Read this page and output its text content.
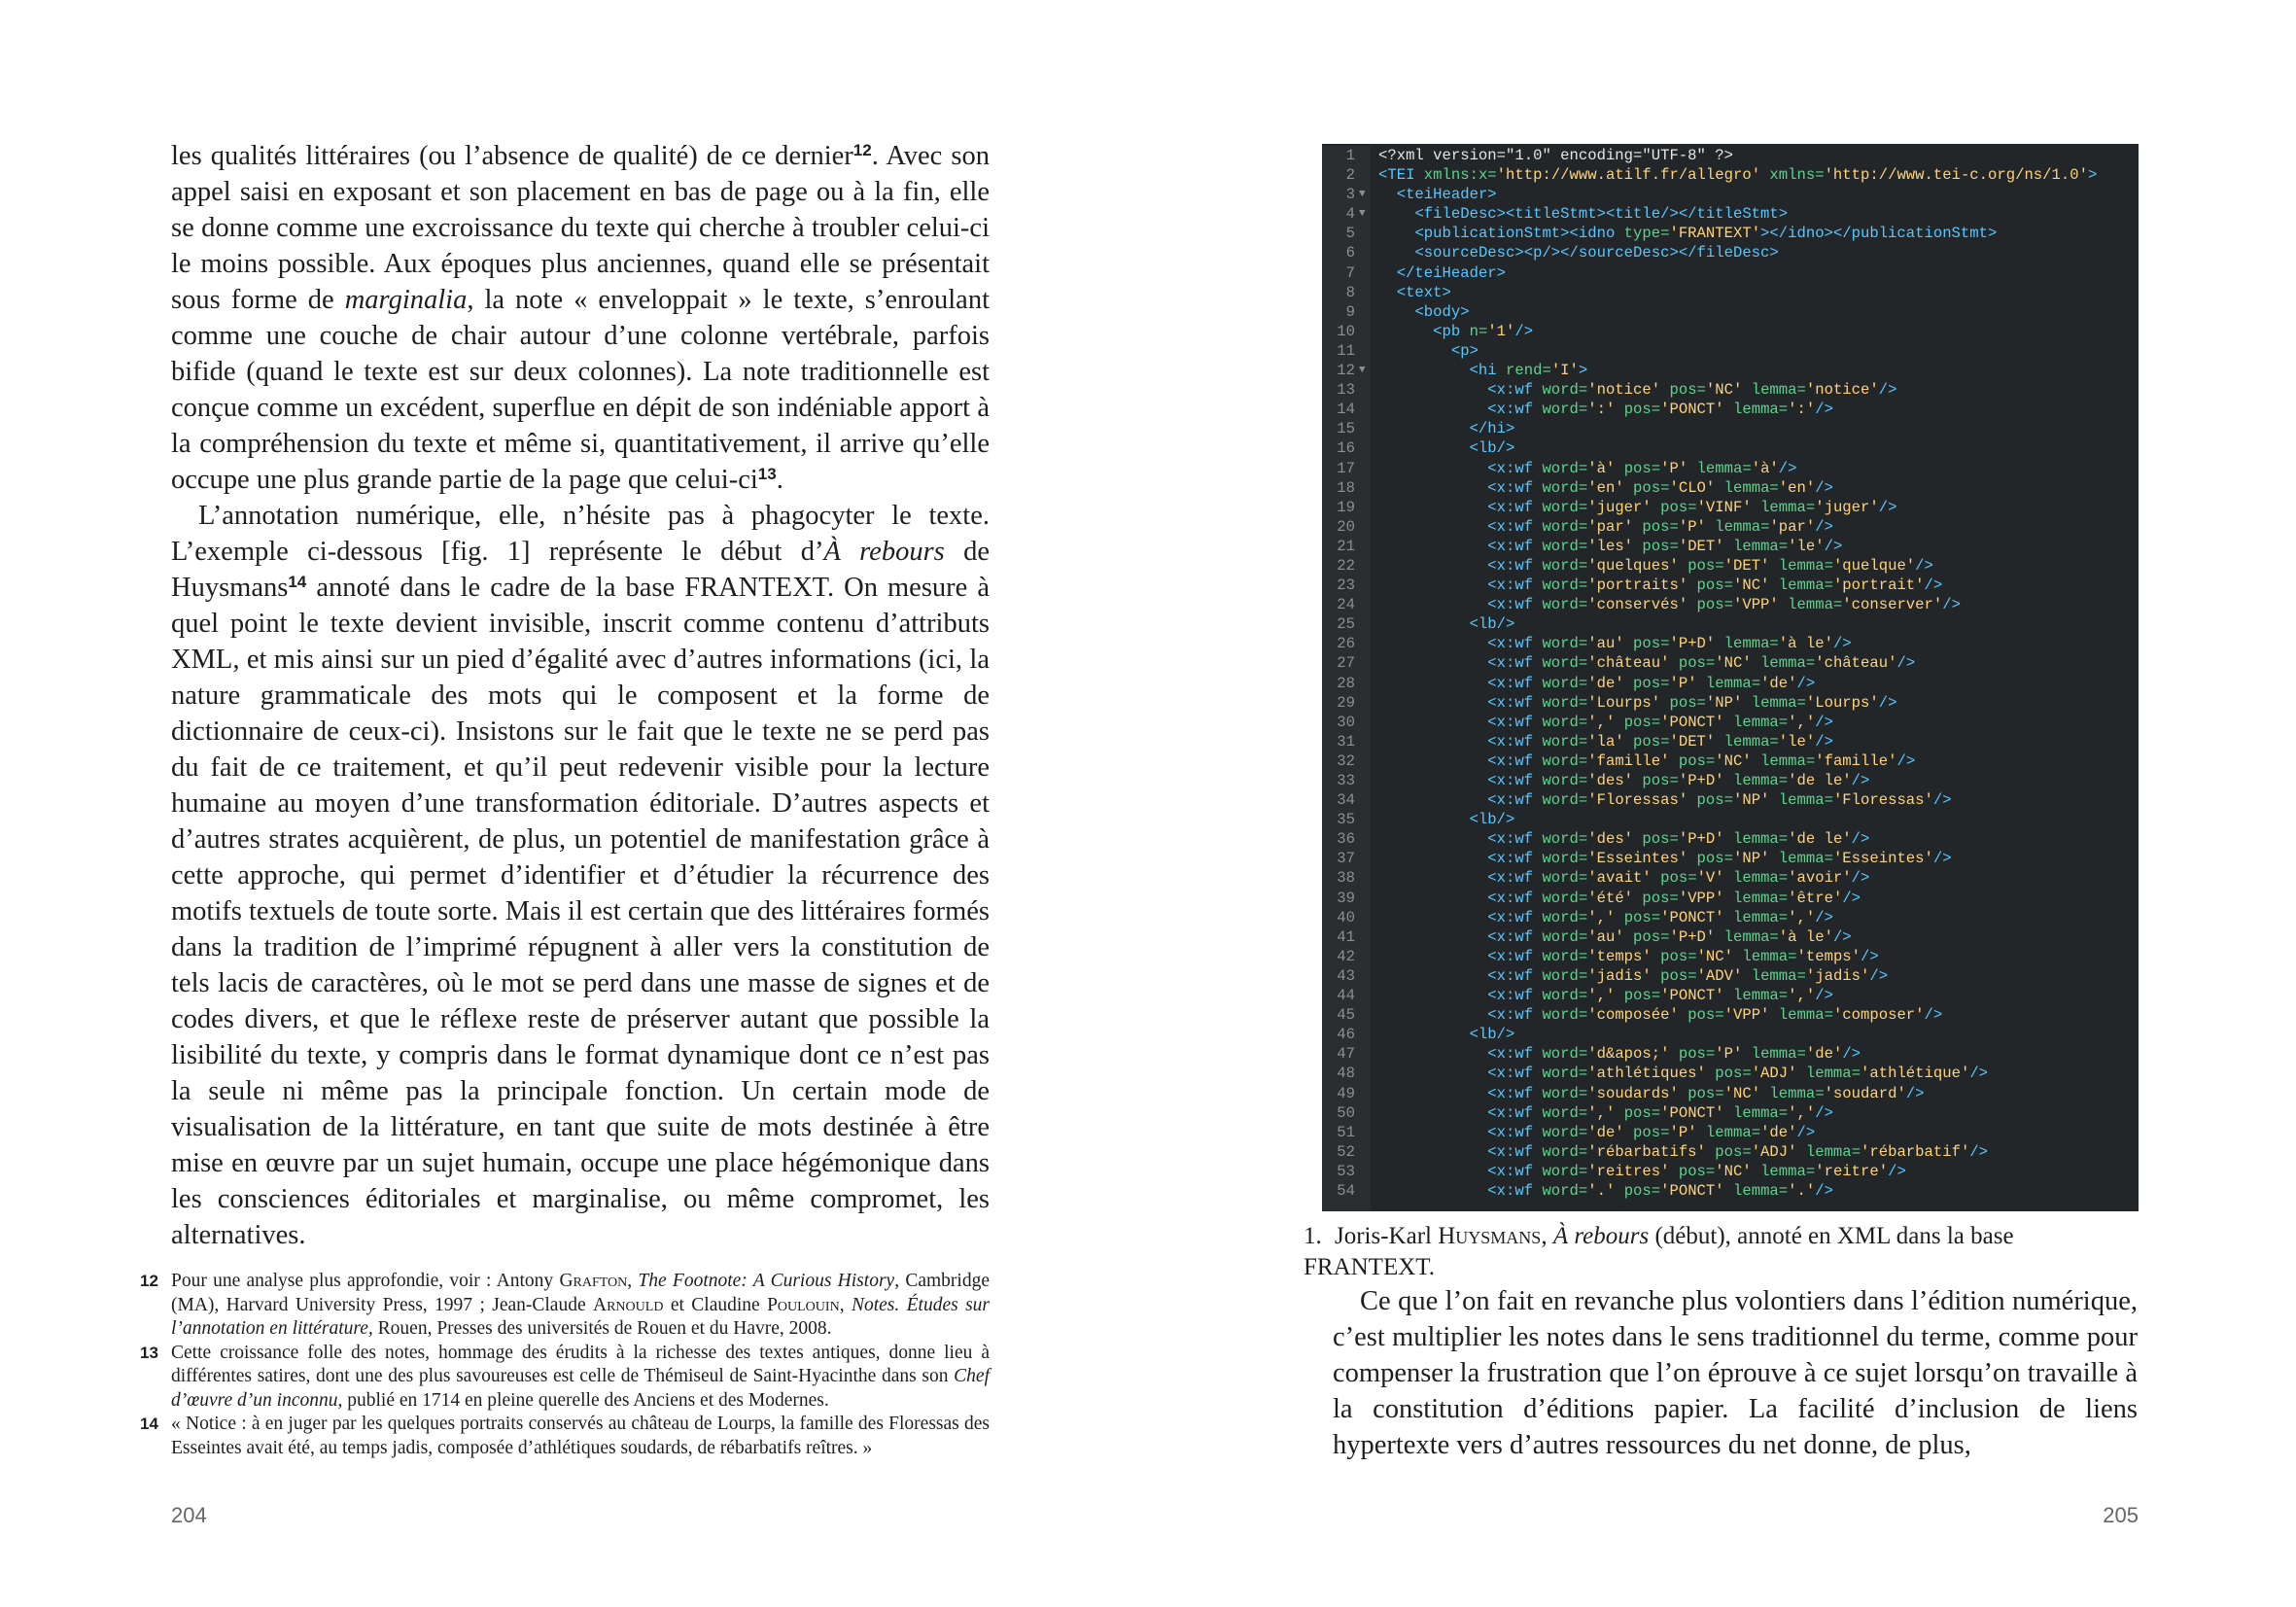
les qualités littéraires (ou l’absence de qualité) de ce dernier$^{12}$. Avec son appel saisi en exposant et son placement en bas de page ou à la fin, elle se donne comme une excroissance du texte qui cherche à troubler celui-ci le moins possible. Aux époques plus anciennes, quand elle se présentait sous forme de marginalia, la note « enveloppait » le texte, s’enroulant comme une couche de chair autour d’une colonne vertébrale, parfois bifide (quand le texte est sur deux colonnes). La note traditionnelle est conçue comme un excédent, superflue en dépit de son indéniable apport à la compréhension du texte et même si, quantitativement, il arrive qu’elle occupe une plus grande partie de la page que celui-ci$^{13}$.

L’annotation numérique, elle, n’hésite pas à phagocyter le texte. L’exemple ci-dessous [fig. 1] représente le début d’À rebours de Huysmans$^{14}$ annoté dans le cadre de la base FRANTEXT. On mesure à quel point le texte devient invisible, inscrit comme contenu d’attributs XML, et mis ainsi sur un pied d’égalité avec d’autres informations (ici, la nature grammaticale des mots qui le composent et la forme de dictionnaire de ceux-ci). Insistons sur le fait que le texte ne se perd pas du fait de ce traitement, et qu’il peut redevenir visible pour la lecture humaine au moyen d’une transformation éditoriale. D’autres aspects et d’autres strates acquièrent, de plus, un potentiel de manifestation grâce à cette approche, qui permet d’identifier et d’étudier la récurrence des motifs textuels de toute sorte. Mais il est certain que des littéraires formés dans la tradition de l’imprimé répugnent à aller vers la constitution de tels lacis de caractères, où le mot se perd dans une masse de signes et de codes divers, et que le réflexe reste de préserver autant que possible la lisibilité du texte, y compris dans le format dynamique dont ce n’est pas la seule ni même pas la principale fonction. Un certain mode de visualisation de la littérature, en tant que suite de mots destinée à être mise en œuvre par un sujet humain, occupe une place hégémonique dans les consciences éditoriales et marginalise, ou même compromet, les alternatives.

12 Pour une analyse plus approfondie, voir : Antony Grafton, The Footnote: A Curious History, Cambridge (MA), Harvard University Press, 1997 ; Jean-Claude Arnould et Claudine Poulouin, Notes. Études sur l’annotation en littérature, Rouen, Presses des universités de Rouen et du Havre, 2008.
13 Cette croissance folle des notes, hommage des érudits à la richesse des textes antiques, donne lieu à différentes satires, dont une des plus savoureuses est celle de Thémiseul de Saint-Hyacinthe dans son Chef d’œuvre d’un inconnu, publié en 1714 en pleine querelle des Anciens et des Modernes.
14 « Notice : à en juger par les quelques portraits conservés au château de Lourps, la famille des Floressas des Esseintes avait été, au temps jadis, composée d’athlétiques soudards, de rébarbatifs reîtres. »
204
1 <?xml version="1.0" encoding="UTF-8" ?>
2 <TEI xmlns:x='http://www.atilf.fr/allegro' xmlns='http://www.tei-c.org/ns/1.0'>
3 ▼	<teiHeader>
4 ▼	<fileDesc><titleStmt><title/></titleStmt>
5	<publicationStmt><idno type='FRANTEXT'></idno></publicationStmt>
6	<sourceDesc><p/></sourceDesc></fileDesc>
7	</teiHeader>
8	<text>
9	<body>
10	<pb n='1'/>
11	<p>
12 ▼	<hi rend='I'>
13	<x:wf word='notice' pos='NC' lemma='notice'/>
14	<x:wf word=':' pos='PONCT' lemma=':'/>
15	</hi>
16	<lb/>
17	<x:wf word='à' pos='P' lemma='à'/>
18	<x:wf word='en' pos='CLO' lemma='en'/>
19	<x:wf word='juger' pos='VINF' lemma='juger'/>
20	<x:wf word='par' pos='P' lemma='par'/>
21	<x:wf word='les' pos='DET' lemma='le'/>
22	<x:wf word='quelques' pos='DET' lemma='quelque'/>
23	<x:wf word='portraits' pos='NC' lemma='portrait'/>
24	<x:wf word='conservés' pos='VPP' lemma='conserver'/>
25	<lb/>
26	<x:wf word='au' pos='P+D' lemma='à le'/>
27	<x:wf word='château' pos='NC' lemma='château'/>
28	<x:wf word='de' pos='P' lemma='de'/>
29	<x:wf word='Lourps' pos='NP' lemma='Lourps'/>
30	<x:wf word=',' pos='PONCT' lemma=','/>
31	<x:wf word='la' pos='DET' lemma='le'/>
32	<x:wf word='famille' pos='NC' lemma='famille'/>
33	<x:wf word='des' pos='P+D' lemma='de le'/>
34	<x:wf word='Floressas' pos='NP' lemma='Floressas'/>
35	<lb/>
36	<x:wf word='des' pos='P+D' lemma='de le'/>
37	<x:wf word='Esseintes' pos='NP' lemma='Esseintes'/>
38	<x:wf word='avait' pos='V' lemma='avoir'/>
39	<x:wf word='été' pos='VPP' lemma='être'/>
40	<x:wf word=',' pos='PONCT' lemma=','/>
41	<x:wf word='au' pos='P+D' lemma='à le'/>
42	<x:wf word='temps' pos='NC' lemma='temps'/>
43	<x:wf word='jadis' pos='ADV' lemma='jadis'/>
44	<x:wf word=',' pos='PONCT' lemma=','/>
45	<x:wf word='composée' pos='VPP' lemma='composer'/>
46	<lb/>
47	<x:wf word='d&apos;' pos='P' lemma='de'/>
48	<x:wf word='athlétiques' pos='ADJ' lemma='athlétique'/>
49	<x:wf word='soudards' pos='NC' lemma='soudard'/>
50	<x:wf word=',' pos='PONCT' lemma=','/>
51	<x:wf word='de' pos='P' lemma='de'/>
52	<x:wf word='rébarbatifs' pos='ADJ' lemma='rébarbatif'/>
53	<x:wf word='reitres' pos='NC' lemma='reitre'/>
54	<x:wf word='.' pos='PONCT' lemma='.'/>
1. Joris-Karl Huysmans, À rebours (début), annoté en XML dans la base FRANTEXT.

Ce que l’on fait en revanche plus volontiers dans l’édition numérique, c’est multiplier les notes dans le sens traditionnel du terme, comme pour compenser la frustration que l’on éprouve à ce sujet lorsqu’on travaille à la constitution d’éditions papier. La facilité d’inclusion de liens hypertexte vers d’autres ressources du net donne, de plus,

205
